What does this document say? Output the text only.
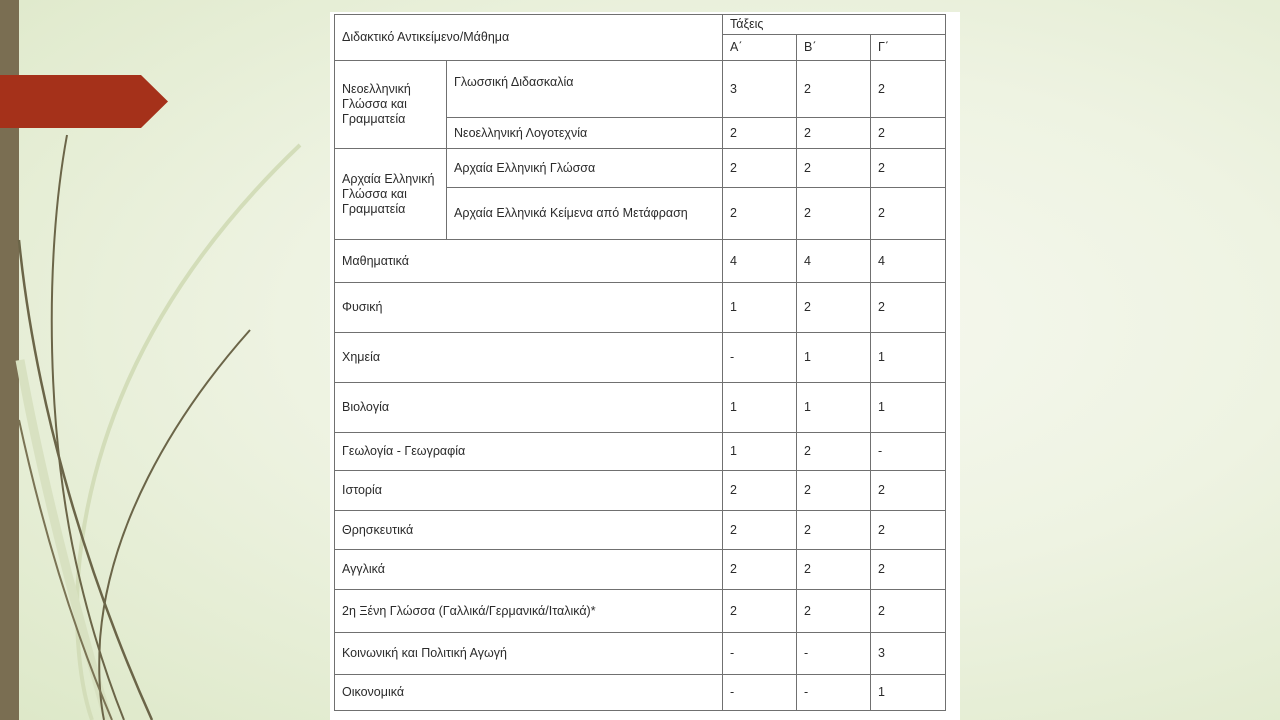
Διδακτικό Αντικείμενο/Μάθημα		Τάξεις		
		Α΄	Β΄	Γ΄
Νεοελληνική Γλώσσα και Γραμματεία	Γλωσσική Διδασκαλία	3	2	2
	Νεοελληνική Λογοτεχνία	2	2	2
Αρχαία Ελληνική Γλώσσα και Γραμματεία	Αρχαία Ελληνική Γλώσσα	2	2	2
	Αρχαία Ελληνικά Κείμενα από Μετάφραση	2	2	2
Μαθηματικά		4	4	4
Φυσική		1	2	2
Χημεία		-	1	1
Βιολογία		1	1	1
Γεωλογία - Γεωγραφία		1	2	-
Ιστορία		2	2	2
Θρησκευτικά		2	2	2
Αγγλικά		2	2	2
2η Ξένη Γλώσσα (Γαλλικά/Γερμανικά/Ιταλικά)*		2	2	2
Κοινωνική και Πολιτική Αγωγή		-	-	3
Οικονομικά		-	-	1
